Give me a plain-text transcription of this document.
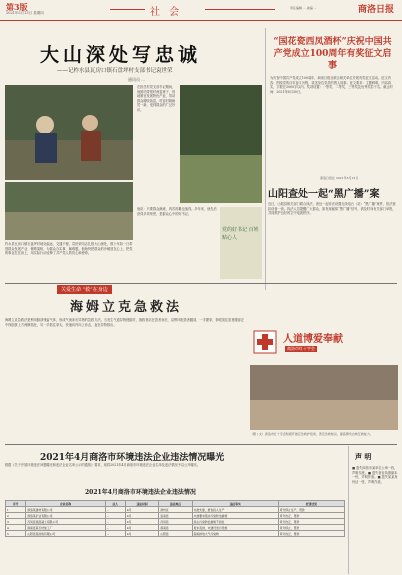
第3版
2021年5月13日 星期四	社 会	责任编辑 ... 美编 ...	商洛日报
大山深处写忠诚
——记柞水县瓦房口镇石盘坪村支部书记袁世荣
通讯员 ...
柞水县瓦房口镇石盘坪村地处偏远，交通不便，袁世荣同志扎根大山深处，数十年如一日带领群众发展产业、修路架桥，为群众办实事、解难题。他始终把群众的冷暖放在心上，把党的事业扛在肩上，用实际行动诠释了共产党人的初心和使命。
在担任村党支部书记期间，他团结带领村两委班子，因地制宜发展特色产业，带动群众增收致富，村容村貌焕然一新，受到群众的广泛好评。
他说：只要群众满意，再苦再累也值得。多年来，他先后获得多项荣誉，是群众心中的好书记。
党的好书记 百姓贴心人
“国花瓷西凤酒杯”庆祝中国共产党成立100周年有奖征文启事
为庆祝中国共产党成立100周年，商洛日报社联合相关单位开展有奖征文活动。征文内容：围绕党的百年奋斗历程，讲述身边党员的感人故事。征文要求：主题鲜明，内容真实，字数在3000字以内。奖项设置：一等奖、二等奖、三等奖及优秀奖若干名。截止时间：2021年6月30日。
商洛日报社 2021年5月13日
山阳查处一起“黑广播”案
近日，山阳县相关部门联合执法，查处一起非法设置无线电台（站）“黑广播”案件，依法查扣设备一套。执法人员提醒广大群众，如发现疑似“黑广播”信号，请及时向有关部门举报，共同维护良好的空中电波秩序。
关爱生命 “救”在身边
海姆立克急救法
海姆立克急救法是利用肺部残留气体，形成气流冲出异物的急救方法。当发生气道异物梗阻时，施救者站在患者身后，双臂环抱患者腰部，一手握拳，拳眼顶住患者腹部正中线肚脐上方两横指处，另一手抓住拳头，快速向内向上冲击，直至异物排出。
人道博爱奉献
商洛市红十字会
（图 / 文）商洛市红十字会积极开展应急救护培训，普及急救知识，提高群众自救互救能力。
2021年4月商洛市环境违法企业违法情况曝光
根据《关于开展环境违法问题曝光和违法企业名单公示的通知》要求，现将2021年4月商洛市环境违法企业名单及违法情况予以公开曝光。
2021年4月商洛市环境违法企业违法情况
序号	企业名称	法人	违法时间	违法地点	违法事实	处罚结果
1	商洛某建材有限公司	...	4月	商州区	未批先建，擅自投入生产	责令停止生产，罚款
2	商洛某矿业有限公司	...	4月	洛南县	未按要求落实污染防治措施	责令改正，罚款
3	丹凤县某混凝土有限公司	...	4月	丹凤县	扬尘污染防治措施不到位	责令改正，罚款
4	商南县某石材加工厂	...	4月	商南县	废水直排，未建设治污设施	责令停止，罚款
5	山阳县某冶炼有限公司	...	4月	山阳县	超标排放大气污染物	责令改正，罚款
声 明
■ 遗失商洛市某单位公章一枚，声明作废。■ 遗失营业执照副本一份，声明作废。■ 遗失某某身份证一张，声明作废。
